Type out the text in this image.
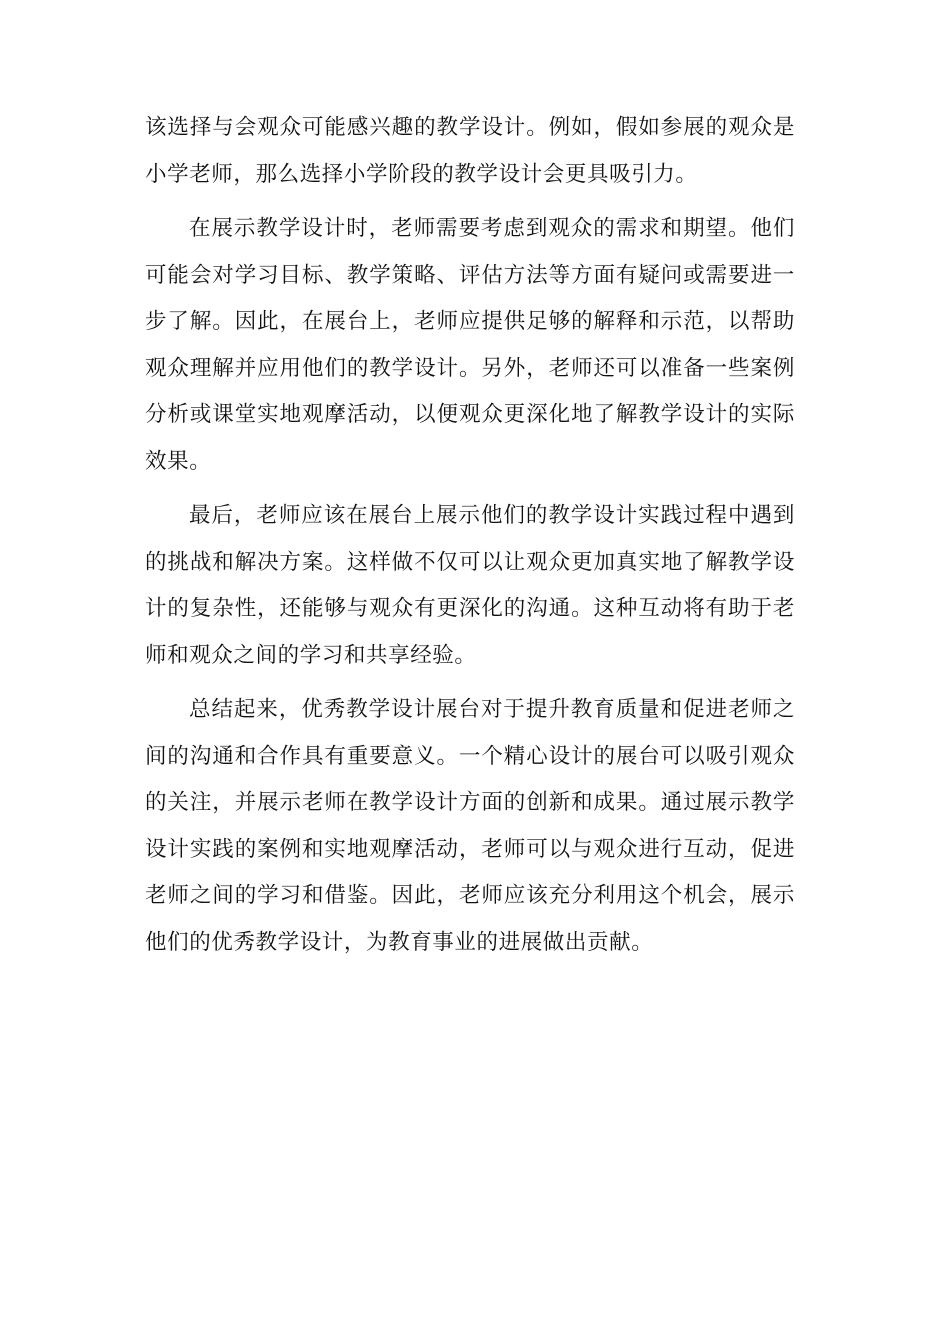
该选择与会观众可能感兴趣的教学设计。例如，假如参展的观众是小学老师，那么选择小学阶段的教学设计会更具吸引力。

在展示教学设计时，老师需要考虑到观众的需求和期望。他们可能会对学习目标、教学策略、评估方法等方面有疑问或需要进一步了解。因此，在展台上，老师应提供足够的解释和示范，以帮助观众理解并应用他们的教学设计。另外，老师还可以准备一些案例分析或课堂实地观摩活动，以便观众更深化地了解教学设计的实际效果。

最后，老师应该在展台上展示他们的教学设计实践过程中遇到的挑战和解决方案。这样做不仅可以让观众更加真实地了解教学设计的复杂性，还能够与观众有更深化的沟通。这种互动将有助于老师和观众之间的学习和共享经验。

总结起来，优秀教学设计展台对于提升教育质量和促进老师之间的沟通和合作具有重要意义。一个精心设计的展台可以吸引观众的关注，并展示老师在教学设计方面的创新和成果。通过展示教学设计实践的案例和实地观摩活动，老师可以与观众进行互动，促进老师之间的学习和借鉴。因此，老师应该充分利用这个机会，展示他们的优秀教学设计，为教育事业的进展做出贡献。
